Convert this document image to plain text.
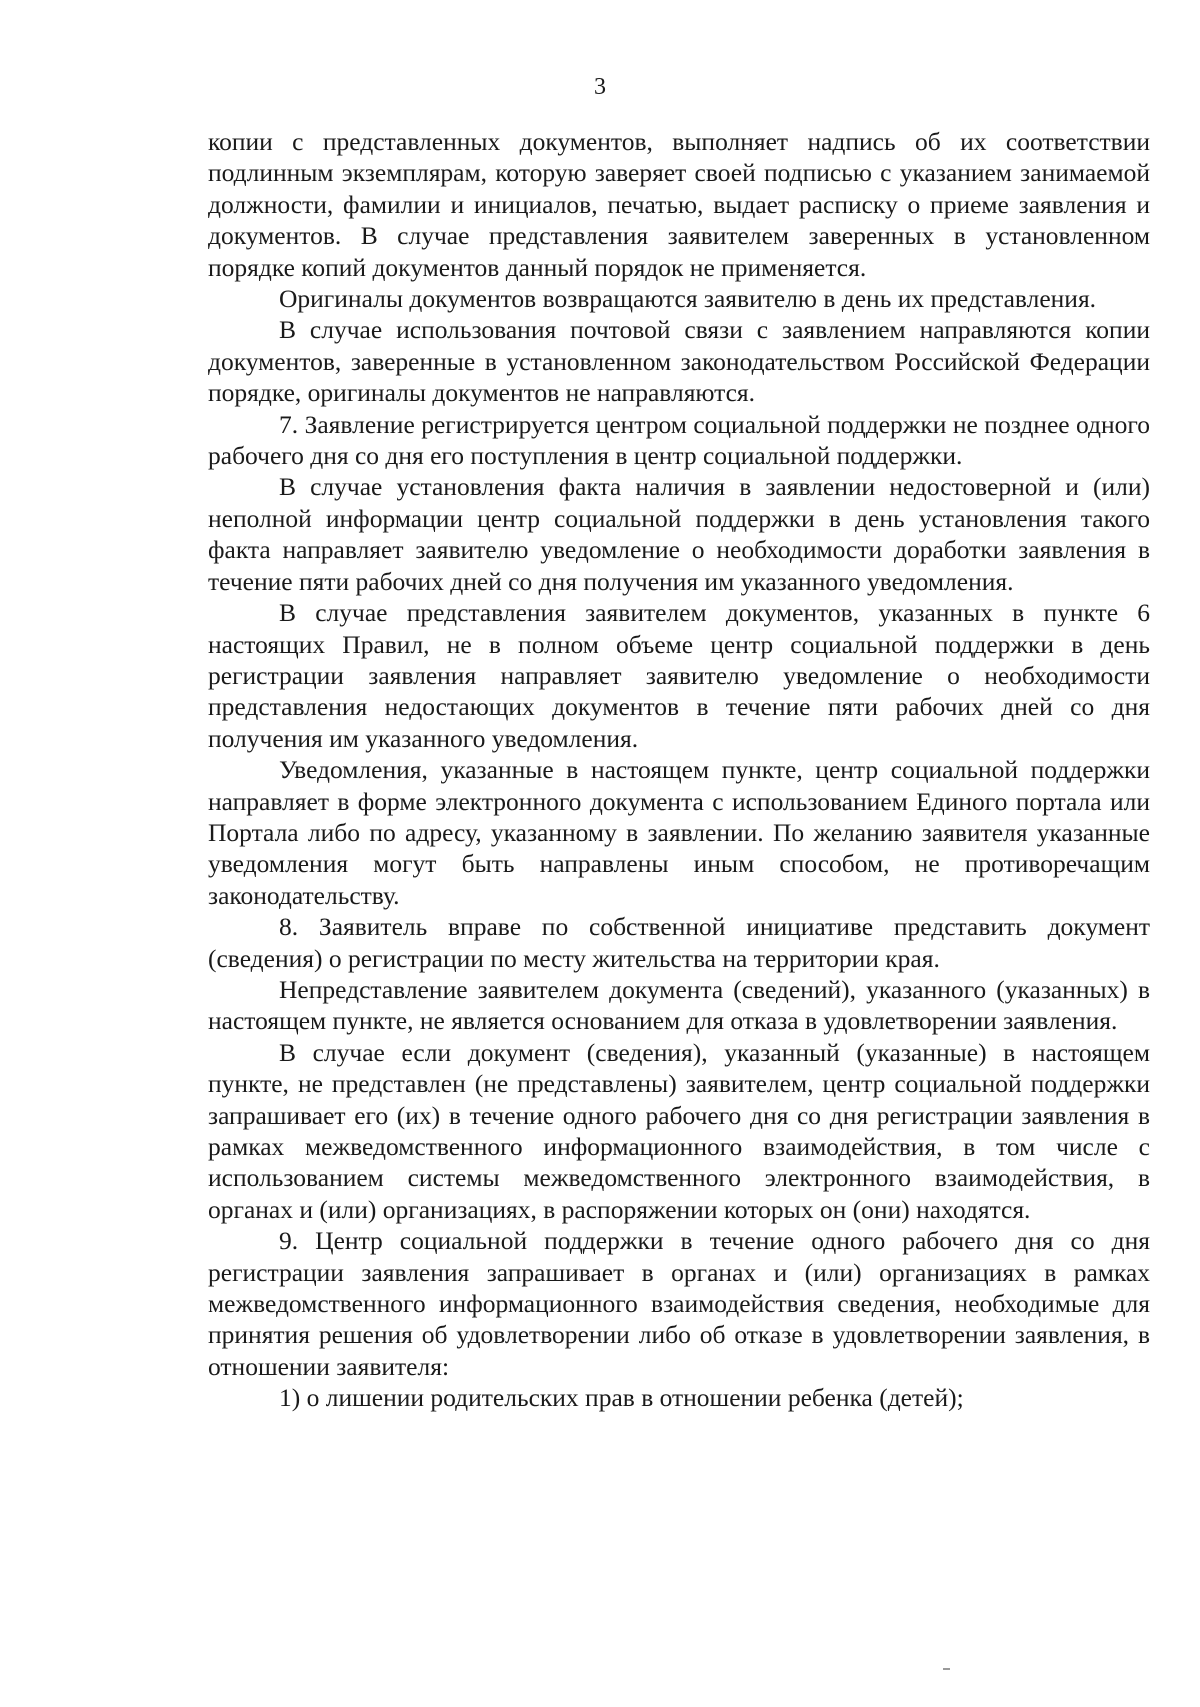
3

копии с представленных документов, выполняет надпись об их соответствии подлинным экземплярам, которую заверяет своей подписью с указанием занимаемой должности, фамилии и инициалов, печатью, выдает расписку о приеме заявления и документов. В случае представления заявителем заверенных в установленном порядке копий документов данный порядок не применяется.

Оригиналы документов возвращаются заявителю в день их представления.

В случае использования почтовой связи с заявлением направляются копии документов, заверенные в установленном законодательством Российской Федерации порядке, оригиналы документов не направляются.

7. Заявление регистрируется центром социальной поддержки не позднее одного рабочего дня со дня его поступления в центр социальной поддержки.

В случае установления факта наличия в заявлении недостоверной и (или) неполной информации центр социальной поддержки в день установления такого факта направляет заявителю уведомление о необходимости доработки заявления в течение пяти рабочих дней со дня получения им указанного уведомления.

В случае представления заявителем документов, указанных в пункте 6 настоящих Правил, не в полном объеме центр социальной поддержки в день регистрации заявления направляет заявителю уведомление о необходимости представления недостающих документов в течение пяти рабочих дней со дня получения им указанного уведомления.

Уведомления, указанные в настоящем пункте, центр социальной поддержки направляет в форме электронного документа с использованием Единого портала или Портала либо по адресу, указанному в заявлении. По желанию заявителя указанные уведомления могут быть направлены иным способом, не противоречащим законодательству.

8. Заявитель вправе по собственной инициативе представить документ (сведения) о регистрации по месту жительства на территории края.

Непредставление заявителем документа (сведений), указанного (указанных) в настоящем пункте, не является основанием для отказа в удовлетворении заявления.

В случае если документ (сведения), указанный (указанные) в настоящем пункте, не представлен (не представлены) заявителем, центр социальной поддержки запрашивает его (их) в течение одного рабочего дня со дня регистрации заявления в рамках межведомственного информационного взаимодействия, в том числе с использованием системы межведомственного электронного взаимодействия, в органах и (или) организациях, в распоряжении которых он (они) находятся.

9. Центр социальной поддержки в течение одного рабочего дня со дня регистрации заявления запрашивает в органах и (или) организациях в рамках межведомственного информационного взаимодействия сведения, необходимые для принятия решения об удовлетворении либо об отказе в удовлетворении заявления, в отношении заявителя:

1) о лишении родительских прав в отношении ребенка (детей);
